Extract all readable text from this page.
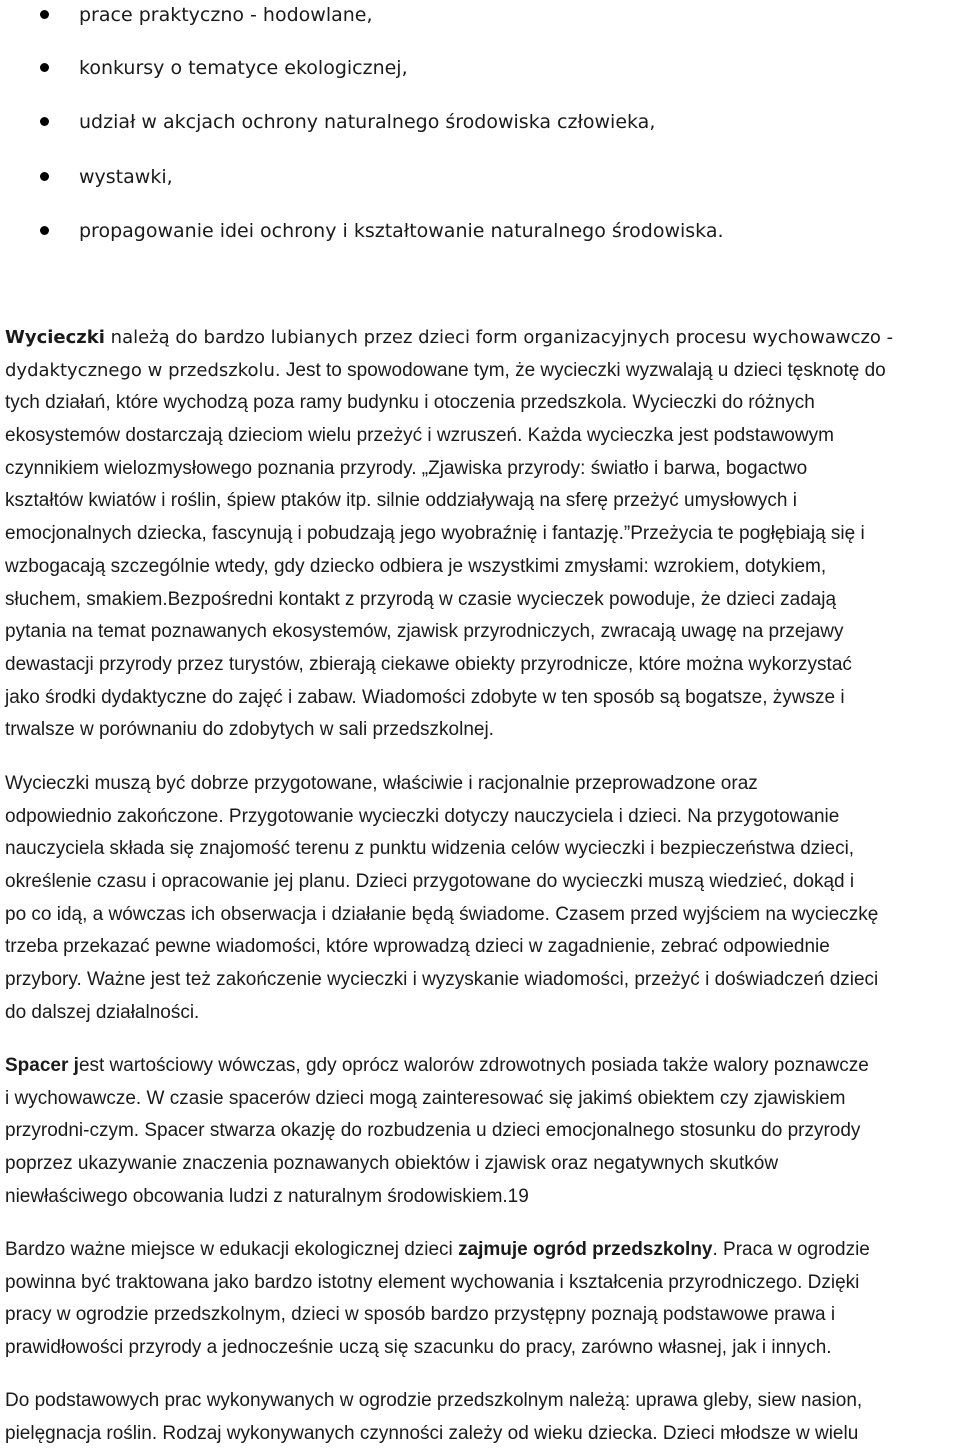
prace praktyczno - hodowlane,
konkursy o tematyce ekologicznej,
udział w akcjach ochrony naturalnego środowiska człowieka,
wystawki,
propagowanie idei ochrony i kształtowanie naturalnego środowiska.
Wycieczki należą do bardzo lubianych przez dzieci form organizacyjnych procesu wychowawczo -
dydaktycznego w przedszkolu. Jest to spowodowane tym, że wycieczki wyzwalają u dzieci tęsknotę do
tych działań, które wychodzą poza ramy budynku i otoczenia przedszkola. Wycieczki do różnych
ekosystemów dostarczają dzieciom wielu przeżyć i wzruszeń. Każda wycieczka jest podstawowym
czynnikiem wielozmysłowego poznania przyrody. „Zjawiska przyrody: światło i barwa, bogactwo
kształtów kwiatów i roślin, śpiew ptaków itp. silnie oddziaływają na sferę przeżyć umysłowych i
emocjonalnych dziecka, fascynują i pobudzają jego wyobraźnię i fantazję.”Przeżycia te pogłębiają się i
wzbogacają szczególnie wtedy, gdy dziecko odbiera je wszystkimi zmysłami: wzrokiem, dotykiem,
słuchem, smakiem.Bezpośredni kontakt z przyrodą w czasie wycieczek powoduje, że dzieci zadają
pytania na temat poznawanych ekosystemów, zjawisk przyrodniczych, zwracają uwagę na przejawy
dewastacji przyrody przez turystów, zbierają ciekawe obiekty przyrodnicze, które można wykorzystać
jako środki dydaktyczne do zajęć i zabaw. Wiadomości zdobyte w ten sposób są bogatsze, żywsze i
trwalsze w porównaniu do zdobytych w sali przedszkolnej.
Wycieczki muszą być dobrze przygotowane, właściwie i racjonalnie przeprowadzone oraz
odpowiednio zakończone. Przygotowanie wycieczki dotyczy nauczyciela i dzieci. Na przygotowanie
nauczyciela składa się znajomość terenu z punktu widzenia celów wycieczki i bezpieczeństwa dzieci,
określenie czasu i opracowanie jej planu. Dzieci przygotowane do wycieczki muszą wiedzieć, dokąd i
po co idą, a wówczas ich obserwacja i działanie będą świadome. Czasem przed wyjściem na wycieczkę
trzeba przekazać pewne wiadomości, które wprowadzą dzieci w zagadnienie, zebrać odpowiednie
przybory. Ważne jest też zakończenie wycieczki i wyzyskanie wiadomości, przeżyć i doświadczeń dzieci
do dalszej działalności.
Spacer jest wartościowy wówczas, gdy oprócz walorów zdrowotnych posiada także walory poznawcze
i wychowawcze. W czasie spacerów dzieci mogą zainteresować się jakimś obiektem czy zjawiskiem
przyrodni-czym. Spacer stwarza okazję do rozbudzenia u dzieci emocjonalnego stosunku do przyrody
poprzez ukazywanie znaczenia poznawanych obiektów i zjawisk oraz negatywnych skutków
niewłaściwego obcowania ludzi z naturalnym środowiskiem.19
Bardzo ważne miejsce w edukacji ekologicznej dzieci zajmuje ogród przedszkolny. Praca w ogrodzie
powinna być traktowana jako bardzo istotny element wychowania i kształcenia przyrodniczego. Dzięki
pracy w ogrodzie przedszkolnym, dzieci w sposób bardzo przystępny poznają podstawowe prawa i
prawidłowości przyrody a jednocześnie uczą się szacunku do pracy, zarówno własnej, jak i innych.
Do podstawowych prac wykonywanych w ogrodzie przedszkolnym należą: uprawa gleby, siew nasion,
pielęgnacja roślin. Rodzaj wykonywanych czynności zależy od wieku dziecka. Dzieci młodsze w wielu
